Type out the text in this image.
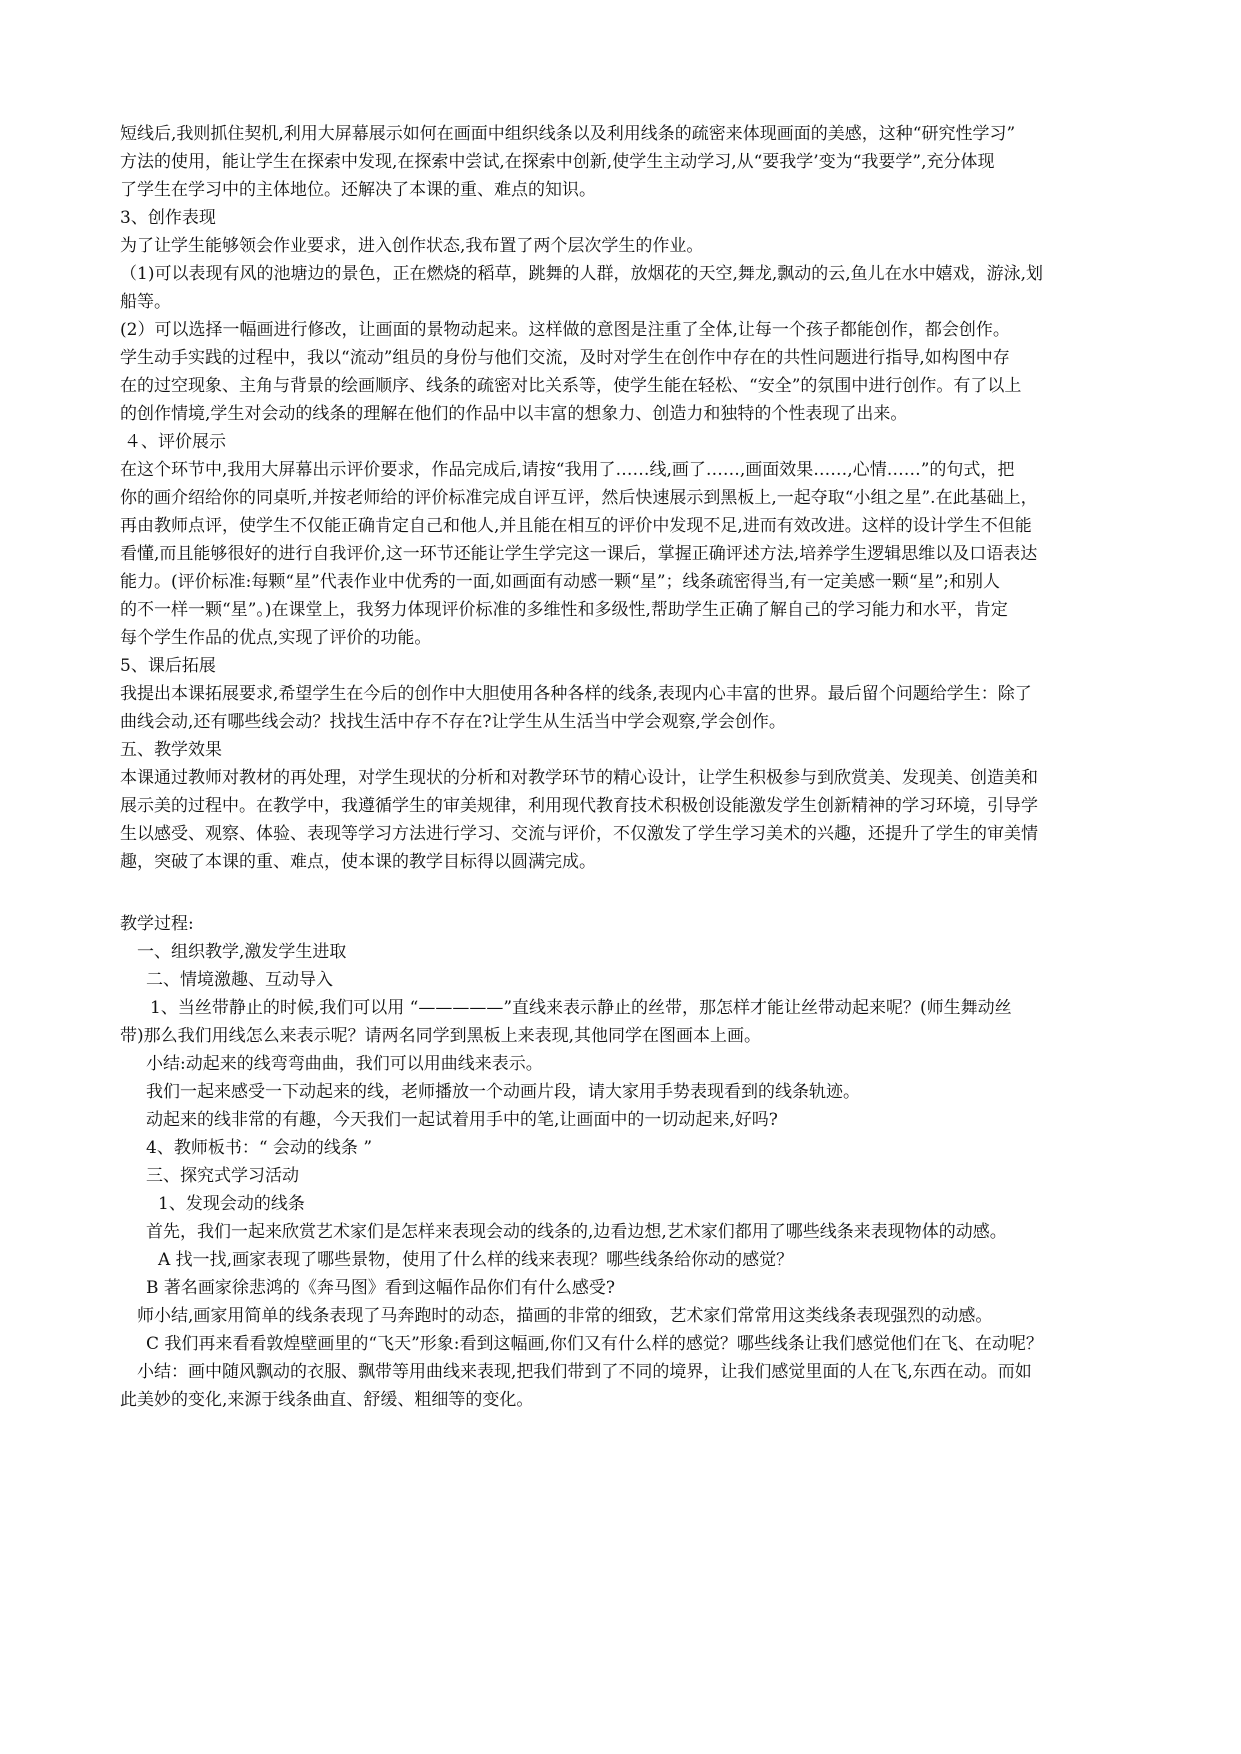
短线后,我则抓住契机,利用大屏幕展示如何在画面中组织线条以及利用线条的疏密来体现画面的美感，这种“研究性学习”
方法的使用，能让学生在探索中发现,在探索中尝试,在探索中创新,使学生主动学习,从“要我学’变为“我要学”,充分体现
了学生在学习中的主体地位。还解决了本课的重、难点的知识。
3、创作表现
为了让学生能够领会作业要求，进入创作状态,我布置了两个层次学生的作业。
（1)可以表现有风的池塘边的景色，正在燃烧的稻草，跳舞的人群，放烟花的天空,舞龙,飘动的云,鱼儿在水中嬉戏，游泳,划
船等。
(2）可以选择一幅画进行修改，让画面的景物动起来。这样做的意图是注重了全体,让每一个孩子都能创作，都会创作。
学生动手实践的过程中，我以“流动”组员的身份与他们交流，及时对学生在创作中存在的共性问题进行指导,如构图中存
在的过空现象、主角与背景的绘画顺序、线条的疏密对比关系等，使学生能在轻松、“安全”的氛围中进行创作。有了以上
的创作情境,学生对会动的线条的理解在他们的作品中以丰富的想象力、创造力和独特的个性表现了出来。
４、评价展示
在这个环节中,我用大屏幕出示评价要求，作品完成后,请按“我用了……线,画了……,画面效果……,心情……”的句式，把
你的画介绍给你的同桌听,并按老师给的评价标准完成自评互评，然后快速展示到黑板上,一起夺取“小组之星”.在此基础上，
再由教师点评，使学生不仅能正确肯定自己和他人,并且能在相互的评价中发现不足,进而有效改进。这样的设计学生不但能
看懂,而且能够很好的进行自我评价,这一环节还能让学生学完这一课后，掌握正确评述方法,培养学生逻辑思维以及口语表达
能力。(评价标准:每颗“星”代表作业中优秀的一面,如画面有动感一颗“星”；线条疏密得当,有一定美感一颗“星”;和别人
的不一样一颗“星”。)在课堂上，我努力体现评价标准的多维性和多级性,帮助学生正确了解自己的学习能力和水平，肯定
每个学生作品的优点,实现了评价的功能。
5、课后拓展
我提出本课拓展要求,希望学生在今后的创作中大胆使用各种各样的线条,表现内心丰富的世界。最后留个问题给学生：除了
曲线会动,还有哪些线会动？找找生活中存不存在?让学生从生活当中学会观察,学会创作。
五、教学效果
本课通过教师对教材的再处理，对学生现状的分析和对教学环节的精心设计，让学生积极参与到欣赏美、发现美、创造美和
展示美的过程中。在教学中，我遵循学生的审美规律，利用现代教育技术积极创设能激发学生创新精神的学习环境，引导学
生以感受、观察、体验、表现等学习方法进行学习、交流与评价，不仅激发了学生学习美术的兴趣，还提升了学生的审美情
趣，突破了本课的重、难点，使本课的教学目标得以圆满完成。
教学过程:
一、组织教学,激发学生进取
二、情境激趣、互动导入
1、当丝带静止的时候,我们可以用 “—————”直线来表示静止的丝带，那怎样才能让丝带动起来呢？(师生舞动丝
带)那么我们用线怎么来表示呢？请两名同学到黑板上来表现,其他同学在图画本上画。
小结:动起来的线弯弯曲曲，我们可以用曲线来表示。
我们一起来感受一下动起来的线，老师播放一个动画片段，请大家用手势表现看到的线条轨迹。
动起来的线非常的有趣，今天我们一起试着用手中的笔,让画面中的一切动起来,好吗?
4、教师板书：“ 会动的线条 ”
三、探究式学习活动
1、发现会动的线条
首先，我们一起来欣赏艺术家们是怎样来表现会动的线条的,边看边想,艺术家们都用了哪些线条来表现物体的动感。
A 找一找,画家表现了哪些景物，使用了什么样的线来表现？哪些线条给你动的感觉？
B 著名画家徐悲鸿的《奔马图》看到这幅作品你们有什么感受?
师小结,画家用简单的线条表现了马奔跑时的动态，描画的非常的细致，艺术家们常常用这类线条表现强烈的动感。
C 我们再来看看敦煌壁画里的“飞天”形象:看到这幅画,你们又有什么样的感觉？哪些线条让我们感觉他们在飞、在动呢？
小结：画中随风飘动的衣服、飘带等用曲线来表现,把我们带到了不同的境界，让我们感觉里面的人在飞,东西在动。而如
此美妙的变化,来源于线条曲直、舒缓、粗细等的变化。
